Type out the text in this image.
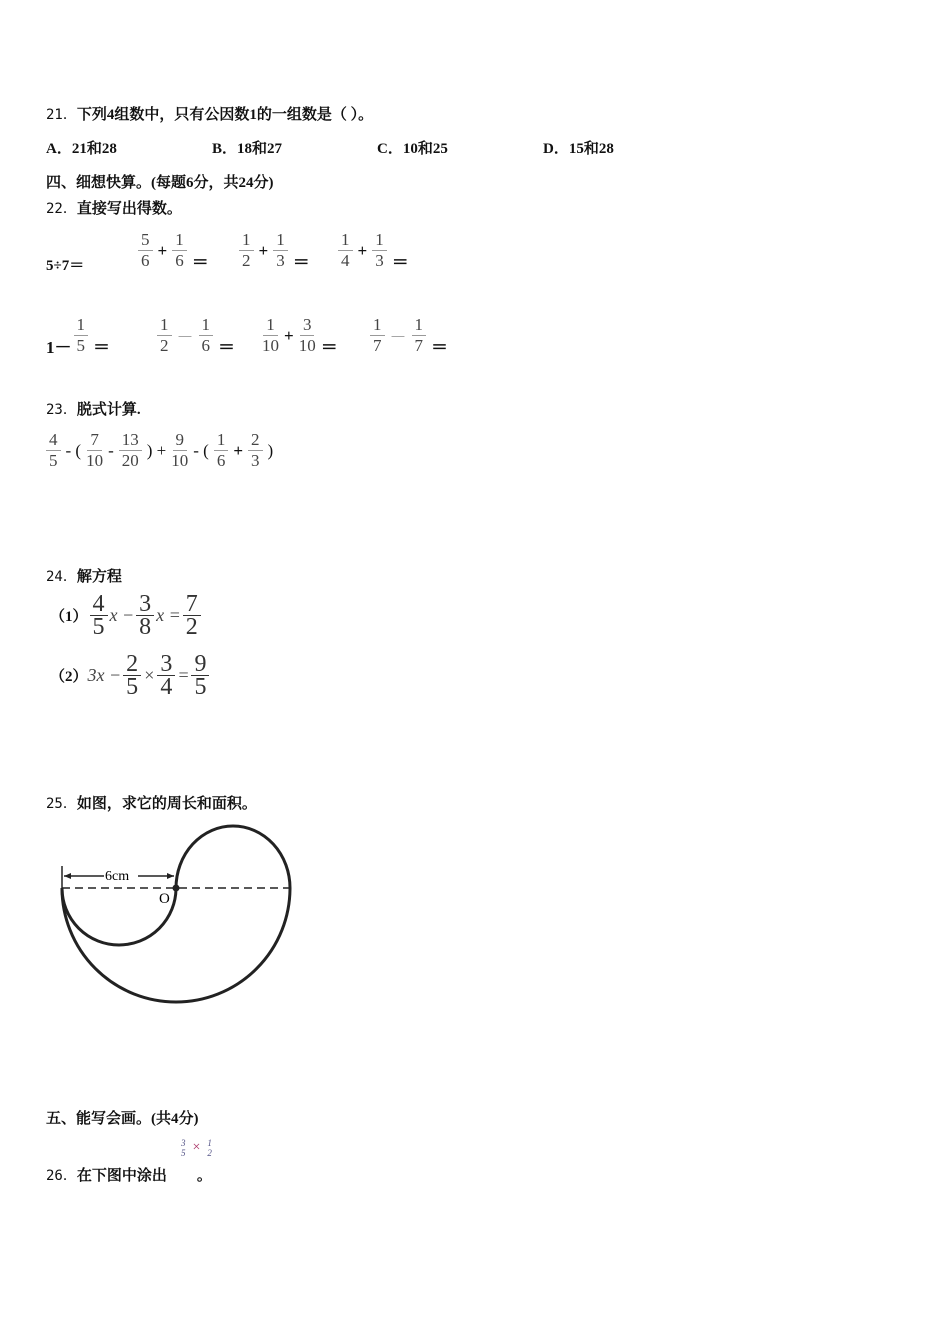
21．下列4组数中，只有公因数1的一组数是（ ）。
A．21和28	B．18和27	C．10和25	D．15和28
四、细想快算。(每题6分，共24分)
22．直接写出得数。
5÷7＝
5
6
+ $\frac{1}{6}$ ＝
1
2
+ $\frac{1}{3}$ ＝
1
4
+ $\frac{1}{3}$ ＝
1－
1
5 ＝
1
2 －
1
6 ＝
1
10
+ $\frac{3}{10}$ ＝
1
7 －
1
7 ＝
23．脱式计算.
4
5
- (
7
10
-
13
20
) + $\frac{9}{10}$ - (
1
6
+ $\frac{2}{3}$ )
24．解方程
（1） 4
5 $x - \frac{3}{8}$ $x = \frac{7}{2}$
（2） $3x - \frac{2}{5} \times \frac{3}{4} = \frac{9}{5}$
25．如图，求它的周长和面积。
6cm
O
五、能写会画。(共4分)
26．在下图中涂出 。
3
5 × 1
2
